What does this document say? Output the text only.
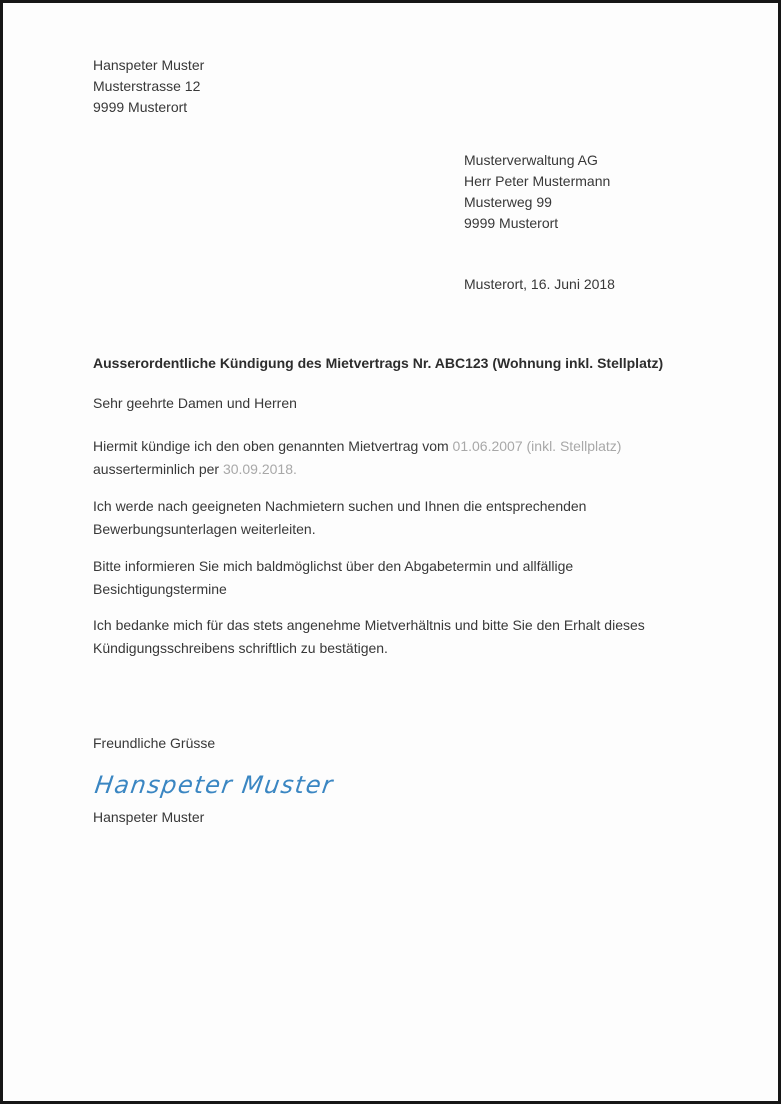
Hanspeter Muster
Musterstrasse 12
9999 Musterort
Musterverwaltung AG
Herr Peter Mustermann
Musterweg 99
9999 Musterort
Musterort, 16. Juni 2018
Ausserordentliche Kündigung des Mietvertrags Nr. ABC123 (Wohnung inkl. Stellplatz)
Sehr geehrte Damen und Herren
Hiermit kündige ich den oben genannten Mietvertrag vom 01.06.2007 (inkl. Stellplatz) ausserterminlich per 30.09.2018.
Ich werde nach geeigneten Nachmietern suchen und Ihnen die entsprechenden Bewerbungsunterlagen weiterleiten.
Bitte informieren Sie mich baldmöglichst über den Abgabetermin und allfällige Besichtigungstermine
Ich bedanke mich für das stets angenehme Mietverhältnis und bitte Sie den Erhalt dieses Kündigungsschreibens schriftlich zu bestätigen.
Freundliche Grüsse
Hanspeter Muster
Hanspeter Muster
